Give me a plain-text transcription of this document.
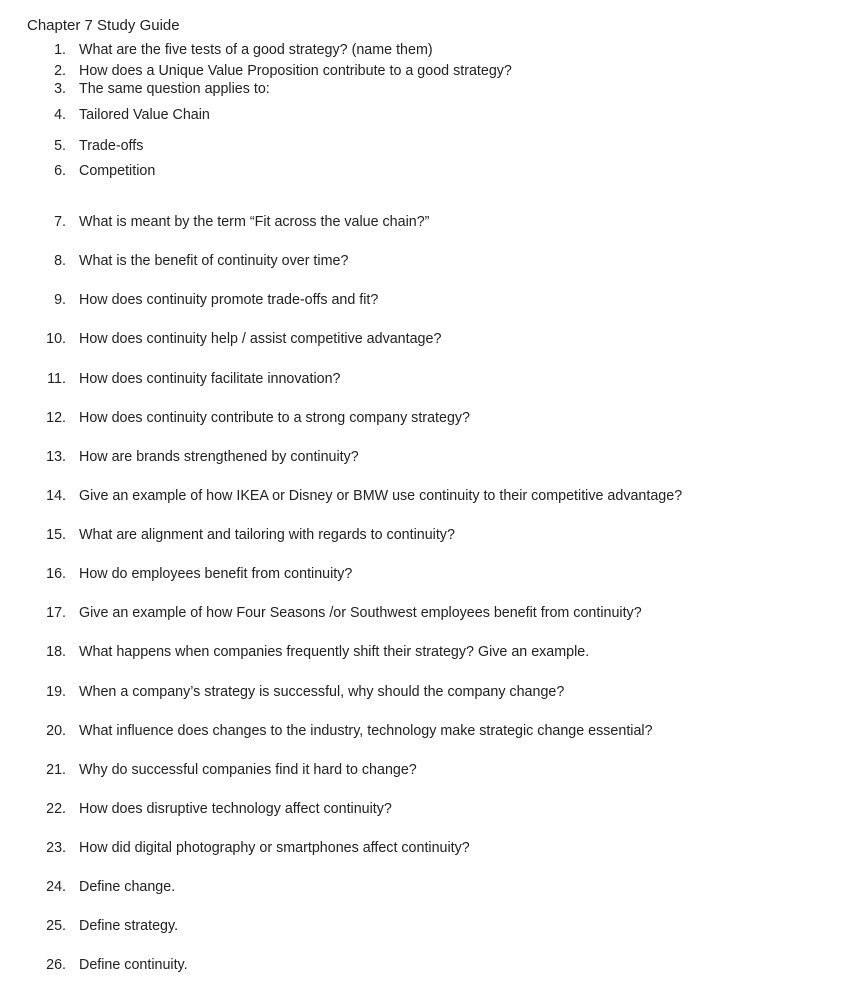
Chapter 7 Study Guide
1. What are the five tests of a good strategy? (name them)
2. How does a Unique Value Proposition contribute to a good strategy?
3. The same question applies to:
4. Tailored Value Chain
5. Trade-offs
6. Competition
7. What is meant by the term “Fit across the value chain?”
8. What is the benefit of continuity over time?
9. How does continuity promote trade-offs and fit?
10. How does continuity help / assist competitive advantage?
11. How does continuity facilitate innovation?
12. How does continuity contribute to a strong company strategy?
13. How are brands strengthened by continuity?
14. Give an example of how IKEA or Disney or BMW use continuity to their competitive advantage?
15. What are alignment and tailoring with regards to continuity?
16. How do employees benefit from continuity?
17. Give an example of how Four Seasons /or Southwest employees benefit from continuity?
18. What happens when companies frequently shift their strategy? Give an example.
19. When a company’s strategy is successful, why should the company change?
20. What influence does changes to the industry, technology make strategic change essential?
21. Why do successful companies find it hard to change?
22. How does disruptive technology affect continuity?
23. How did digital photography or smartphones affect continuity?
24. Define change.
25. Define strategy.
26. Define continuity.
